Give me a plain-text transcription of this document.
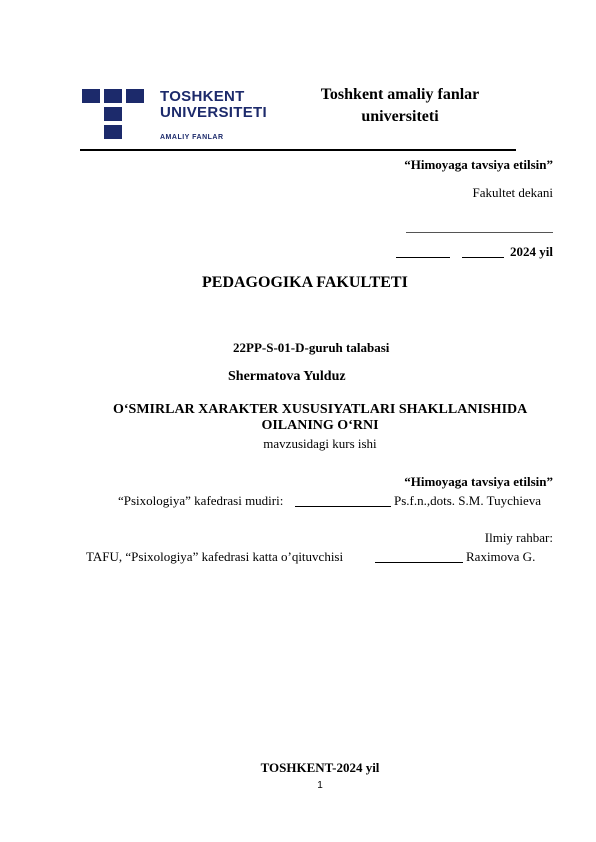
TOSHKENT
UNIVERSITETI
AMALIY FANLAR
Toshkent amaliy fanlar universiteti
“Himoyaga tavsiya etilsin”
Fakultet dekani
2024 yil
PEDAGOGIKA FAKULTETI
22PP-S-01-D-guruh talabasi
Shermatova Yulduz
O‘SMIRLAR XARAKTER XUSUSIYATLARI SHAKLLANISHIDA
OILANING O‘RNI
mavzusidagi kurs ishi
“Himoyaga tavsiya etilsin”
“Psixologiya” kafedrasi mudiri:	Ps.f.n.,dots. S.M. Tuychieva
Ilmiy rahbar:
TAFU, “Psixologiya” kafedrasi katta o’qituvchisi	Raximova G.
TOSHKENT-2024 yil
1
